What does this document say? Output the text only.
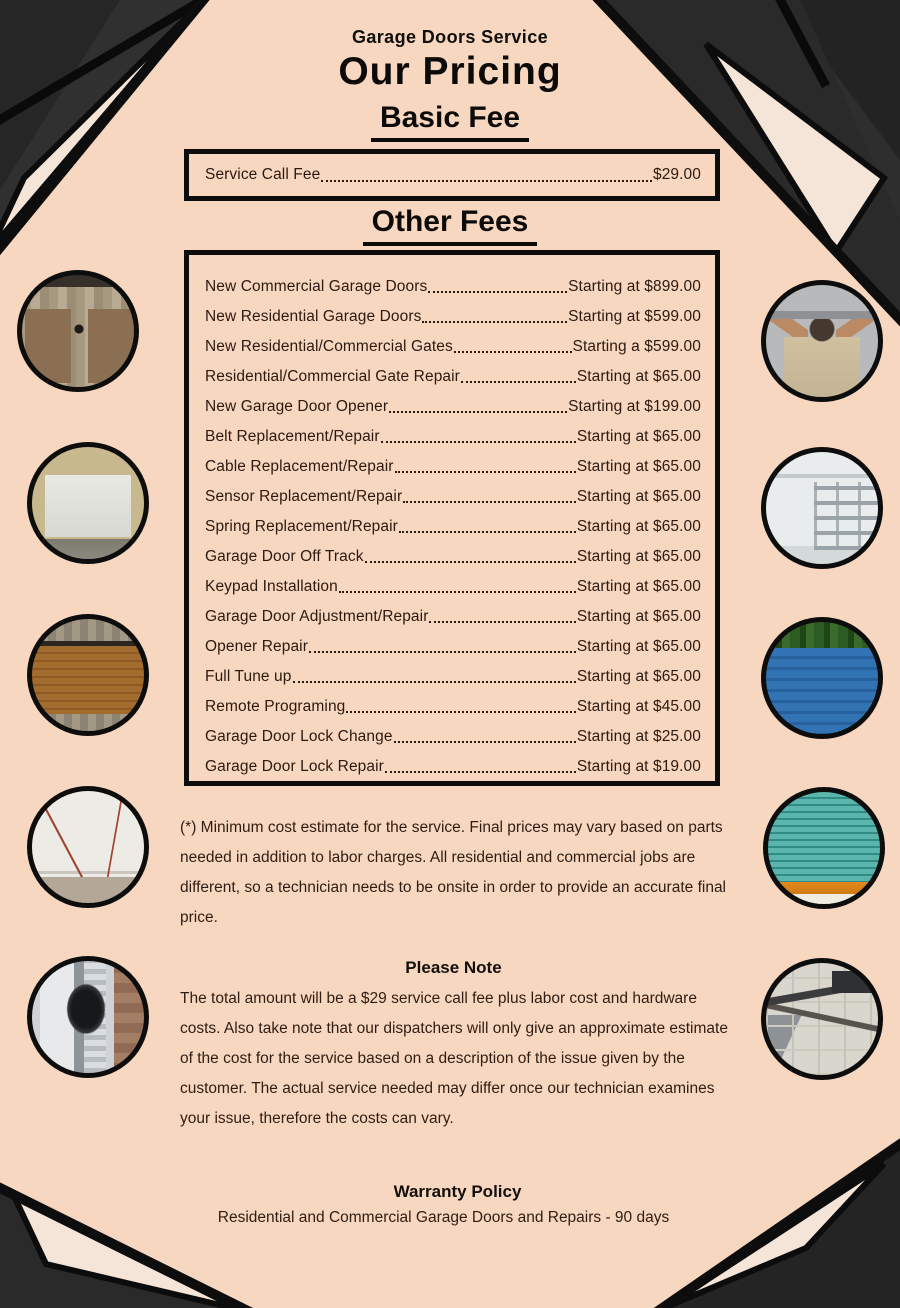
Garage Doors Service
Our Pricing
Basic Fee
Service Call Fee	$29.00
Other Fees
New Commercial Garage Doors	Starting at $899.00
New Residential Garage Doors	Starting at $599.00
New Residential/Commercial Gates	Starting a $599.00
Residential/Commercial Gate Repair	Starting at $65.00
New Garage Door Opener	Starting at $199.00
Belt Replacement/Repair	Starting at $65.00
Cable Replacement/Repair	Starting at $65.00
Sensor Replacement/Repair	Starting at $65.00
Spring Replacement/Repair	Starting at $65.00
Garage Door Off Track	Starting at $65.00
Keypad Installation	Starting at $65.00
Garage Door Adjustment/Repair	Starting at $65.00
Opener Repair	Starting at $65.00
Full Tune up	Starting at $65.00
Remote Programing	Starting at $45.00
Garage Door Lock Change	Starting at $25.00
Garage Door Lock Repair	Starting at $19.00
(*) Minimum cost estimate for the service. Final prices may vary based on parts needed in addition to labor charges. All residential and commercial jobs are different, so a technician needs to be onsite in order to provide an accurate final price.
Please Note
The total amount will be a $29 service call fee plus labor cost and hardware costs. Also take note that our dispatchers will only give an approximate estimate of the cost for the service based on a description of the issue given by the customer. The actual service needed may differ once our technician examines your issue, therefore the costs can vary.
Warranty Policy
Residential and Commercial Garage Doors and Repairs - 90 days
